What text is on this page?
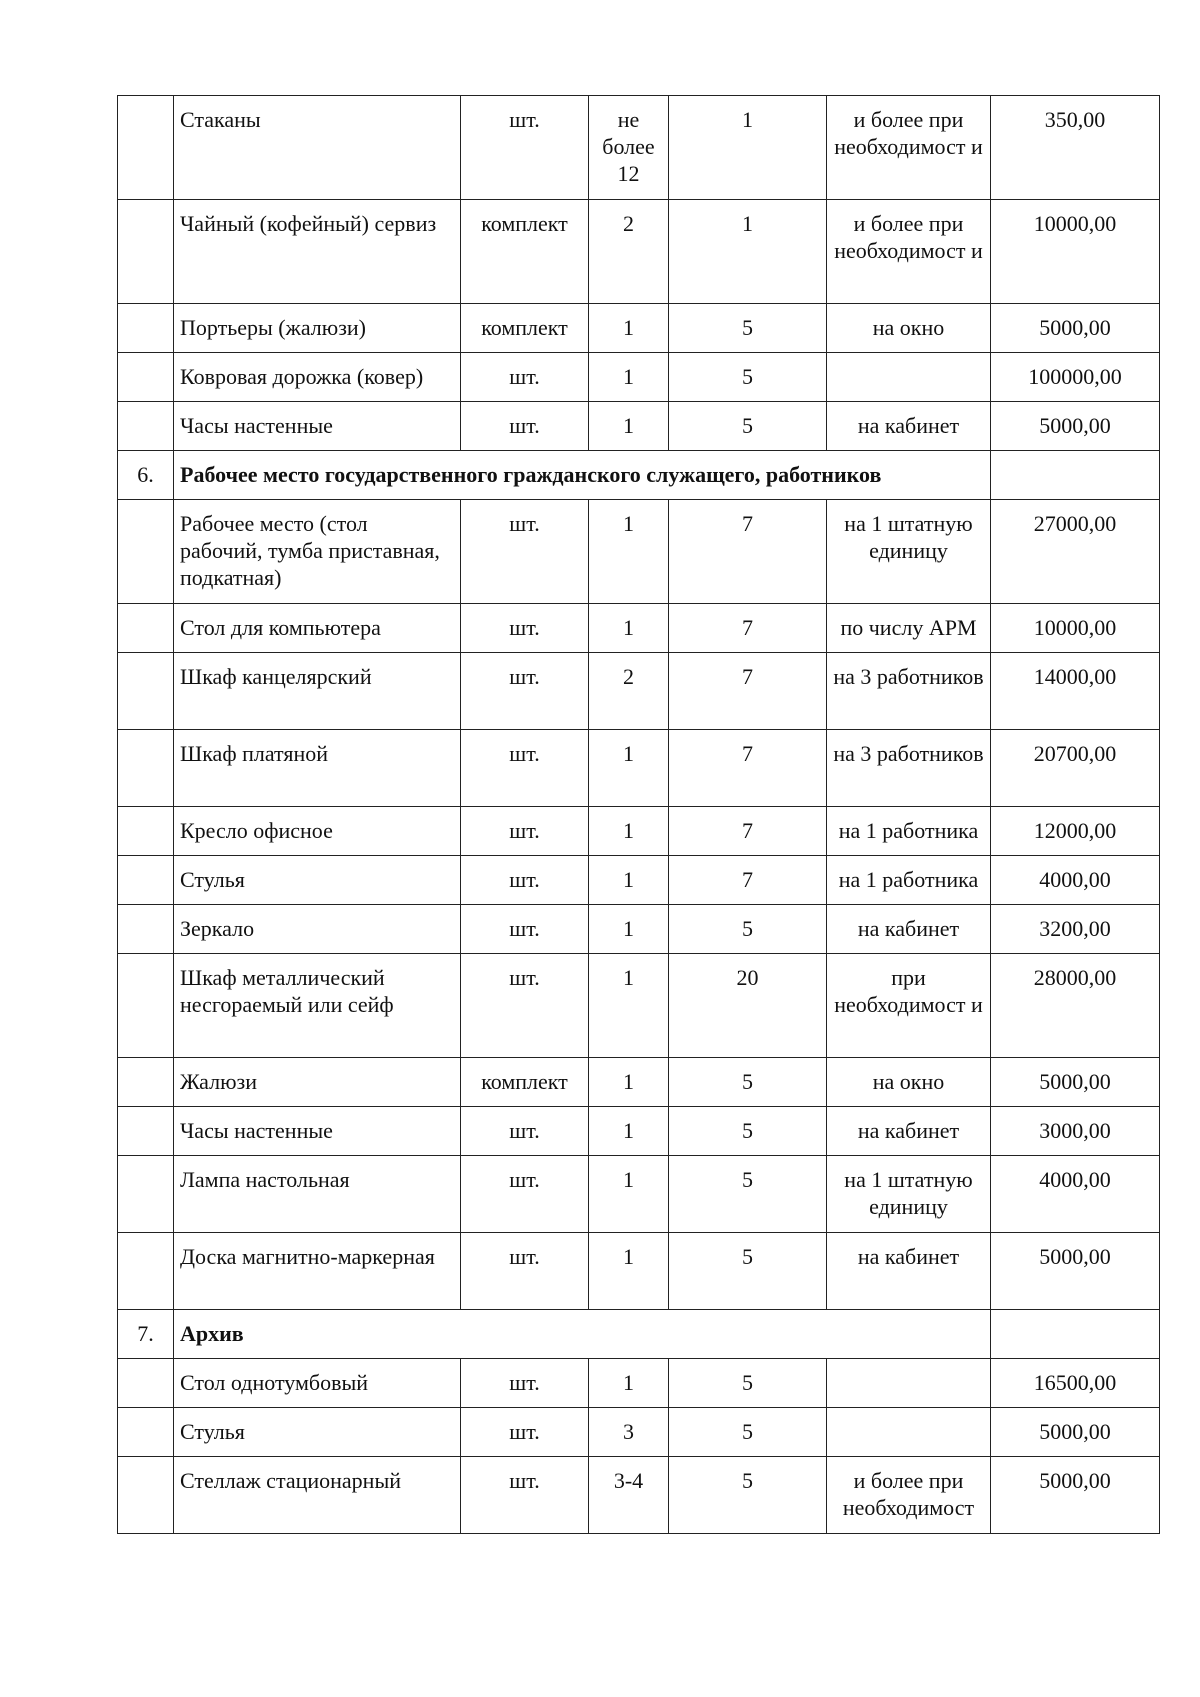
	Стаканы	шт.	не более 12	1	и более при необходимост и	350,00
	Чайный (кофейный) сервиз	комплект	2	1	и более при необходимост и	10000,00
	Портьеры (жалюзи)	комплект	1	5	на окно	5000,00
	Ковровая дорожка (ковер)	шт.	1	5		100000,00
	Часы настенные	шт.	1	5	на кабинет	5000,00
6.	Рабочее место государственного гражданского служащего, работников					
	Рабочее место (стол рабочий, тумба приставная, подкатная)	шт.	1	7	на 1 штатную единицу	27000,00
	Стол для компьютера	шт.	1	7	по числу АРМ	10000,00
	Шкаф канцелярский	шт.	2	7	на 3 работников	14000,00
	Шкаф платяной	шт.	1	7	на 3 работников	20700,00
	Кресло офисное	шт.	1	7	на 1 работника	12000,00
	Стулья	шт.	1	7	на 1 работника	4000,00
	Зеркало	шт.	1	5	на кабинет	3200,00
	Шкаф металлический несгораемый или сейф	шт.	1	20	при необходимост и	28000,00
	Жалюзи	комплект	1	5	на окно	5000,00
	Часы настенные	шт.	1	5	на кабинет	3000,00
	Лампа настольная	шт.	1	5	на 1 штатную единицу	4000,00
	Доска магнитно-маркерная	шт.	1	5	на кабинет	5000,00
7.	Архив					
	Стол однотумбовый	шт.	1	5		16500,00
	Стулья	шт.	3	5		5000,00
	Стеллаж стационарный	шт.	3-4	5	и более при необходимост	5000,00
